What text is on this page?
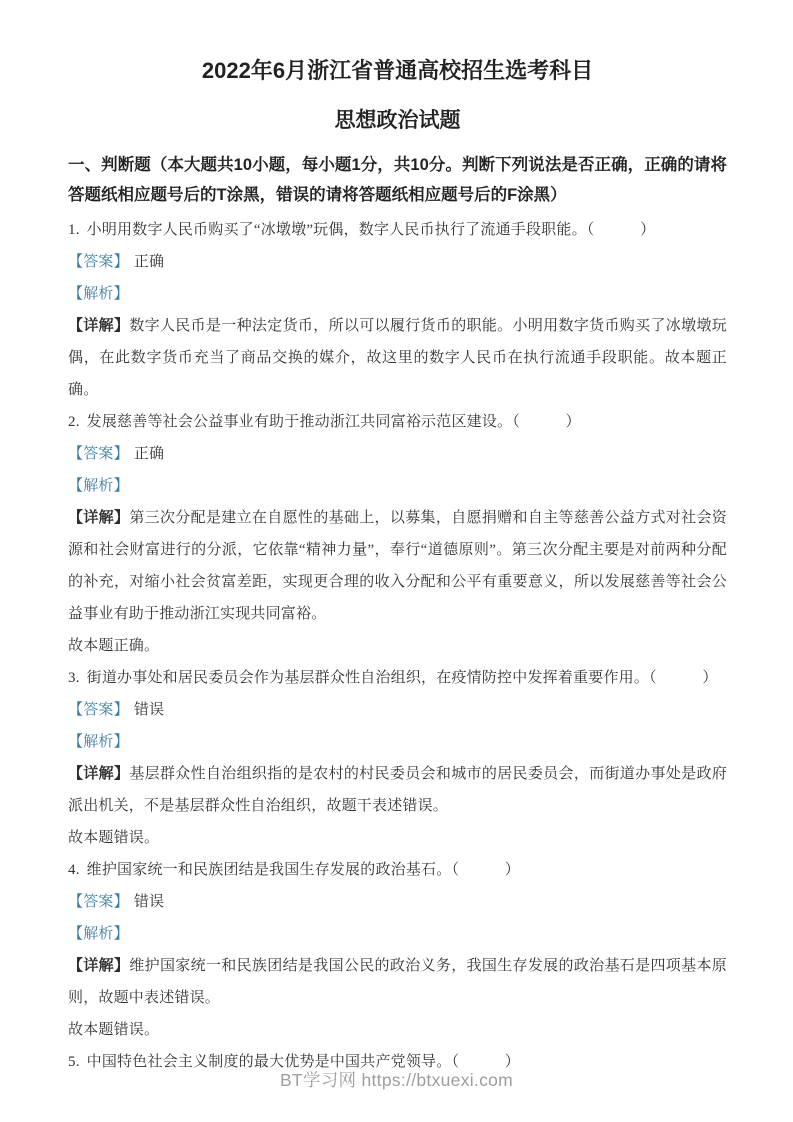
2022年6月浙江省普通高校招生选考科目
思想政治试题

一、判断题（本大题共10小题，每小题1分，共10分。判断下列说法是否正确，正确的请将答题纸相应题号后的T涂黑，错误的请将答题纸相应题号后的F涂黑）

1. 小明用数字人民币购买了“冰墩墩”玩偶，数字人民币执行了流通手段职能。（　　　）

【答案】 正确

【解析】

【详解】数字人民币是一种法定货币，所以可以履行货币的职能。小明用数字货币购买了冰墩墩玩偶，在此数字货币充当了商品交换的媒介，故这里的数字人民币在执行流通手段职能。故本题正确。

2. 发展慈善等社会公益事业有助于推动浙江共同富裕示范区建设。（　　　）

【答案】 正确

【解析】

【详解】第三次分配是建立在自愿性的基础上，以募集，自愿捐赠和自主等慈善公益方式对社会资源和社会财富进行的分派，它依靠“精神力量”，奉行“道德原则”。第三次分配主要是对前两种分配的补充，对缩小社会贫富差距，实现更合理的收入分配和公平有重要意义，所以发展慈善等社会公益事业有助于推动浙江实现共同富裕。

故本题正确。

3. 街道办事处和居民委员会作为基层群众性自治组织，在疫情防控中发挥着重要作用。（　　　）

【答案】 错误

【解析】

【详解】基层群众性自治组织指的是农村的村民委员会和城市的居民委员会，而街道办事处是政府派出机关，不是基层群众性自治组织，故题干表述错误。

故本题错误。

4. 维护国家统一和民族团结是我国生存发展的政治基石。（　　　）

【答案】 错误

【解析】

【详解】维护国家统一和民族团结是我国公民的政治义务，我国生存发展的政治基石是四项基本原则，故题中表述错误。

故本题错误。

5. 中国特色社会主义制度的最大优势是中国共产党领导。（　　　）

BT学习网 https://btxuexi.com
